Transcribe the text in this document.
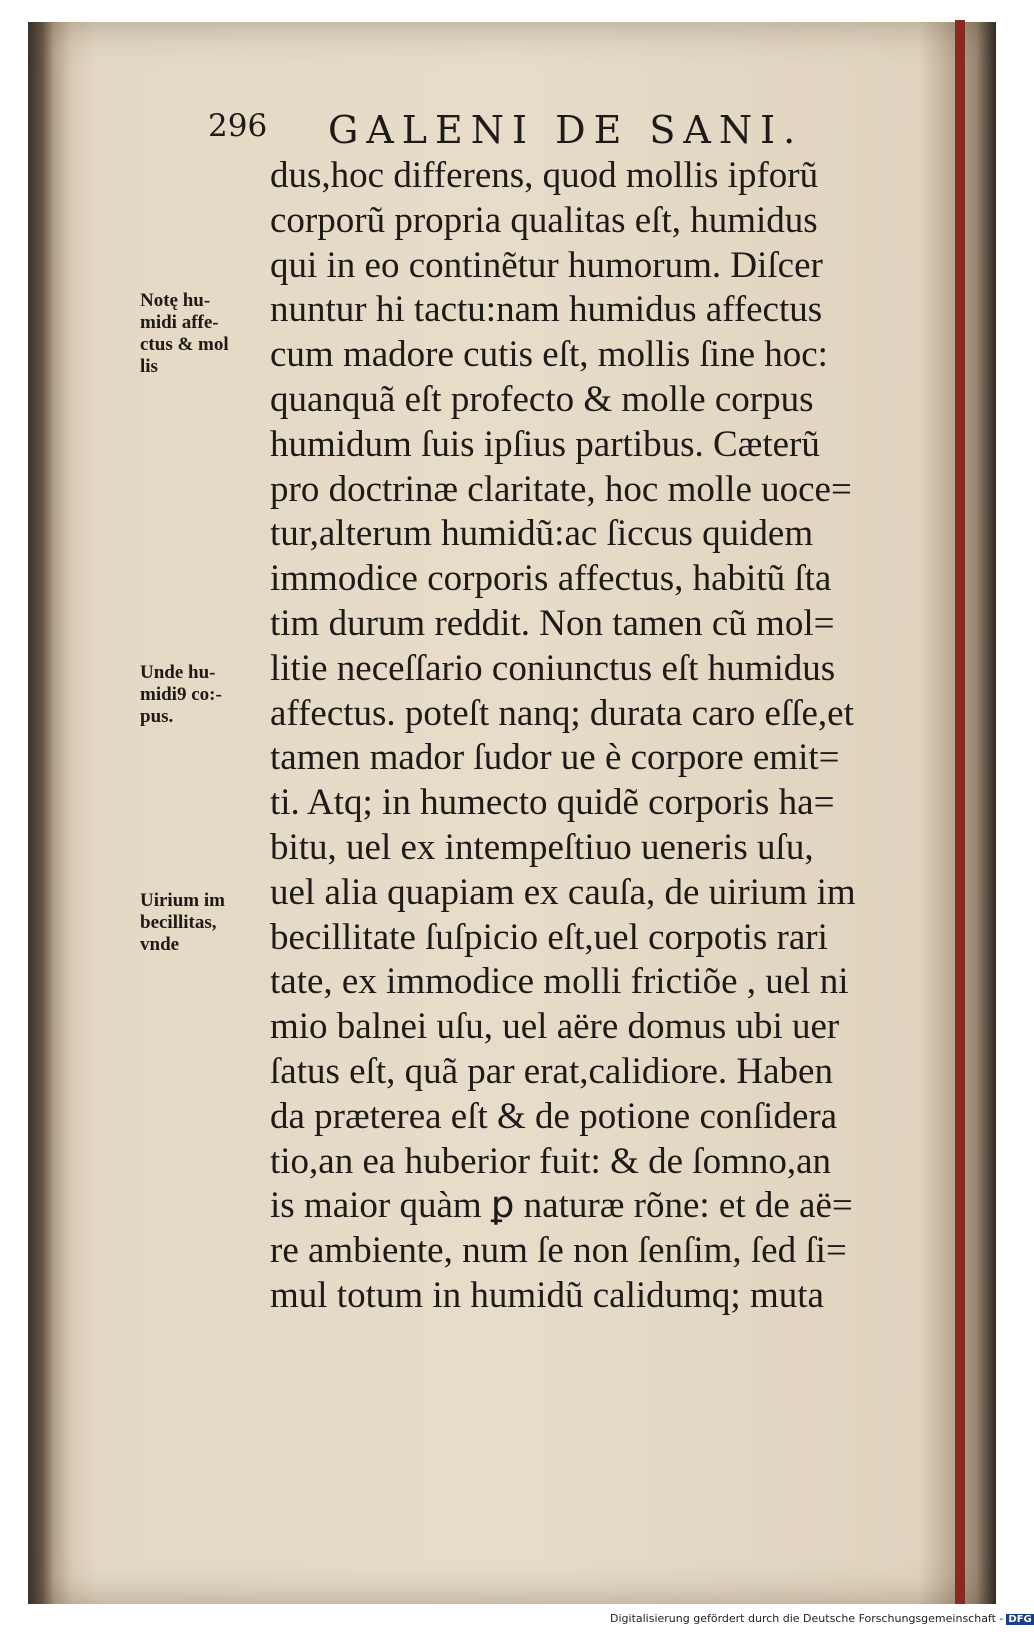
296 GALENI DE SANI.
Notę hu-
midi affe-
ctus & mol
lis
Unde hu-
midi9 co:-
pus.
Uirium im
becillitas,
vnde
dus,hoc differens, quod mollis ipforũ
corporũ propria qualitas eſt, humidus
qui in eo continẽtur humorum. Diſcer
nuntur hi tactu:nam humidus affectus
cum madore cutis eſt, mollis ſine hoc:
quanquã eſt profecto & molle corpus
humidum ſuis ipſius partibus. Cæterũ
pro doctrinæ claritate, hoc molle uoce=
tur,alterum humidũ:ac ſiccus quidem
immodice corporis affectus, habitũ ſta
tim durum reddit. Non tamen cũ mol=
litie neceſſario coniunctus eſt humidus
affectus. poteſt nanq; durata caro eſſe,et
tamen mador ſudor ue è corpore emit=
ti. Atq; in humecto quidẽ corporis ha=
bitu, uel ex intempeſtiuo ueneris uſu,
uel alia quapiam ex cauſa, de uirium im
becillitate ſuſpicio eſt,uel corpotis rari
tate, ex immodice molli frictiõe , uel ni
mio balnei uſu, uel aëre domus ubi uer
ſatus eſt, quã par erat,calidiore. Haben
da præterea eſt & de potione conſidera
tio,an ea huberior fuit: & de ſomno,an
is maior quàm ꝑ naturæ rõne: et de aë=
re ambiente, num ſe non ſenſim, ſed ſi=
mul totum in humidũ calidumq; muta
Digitalisierung gefördert durch die Deutsche Forschungsgemeinschaft - DFG
